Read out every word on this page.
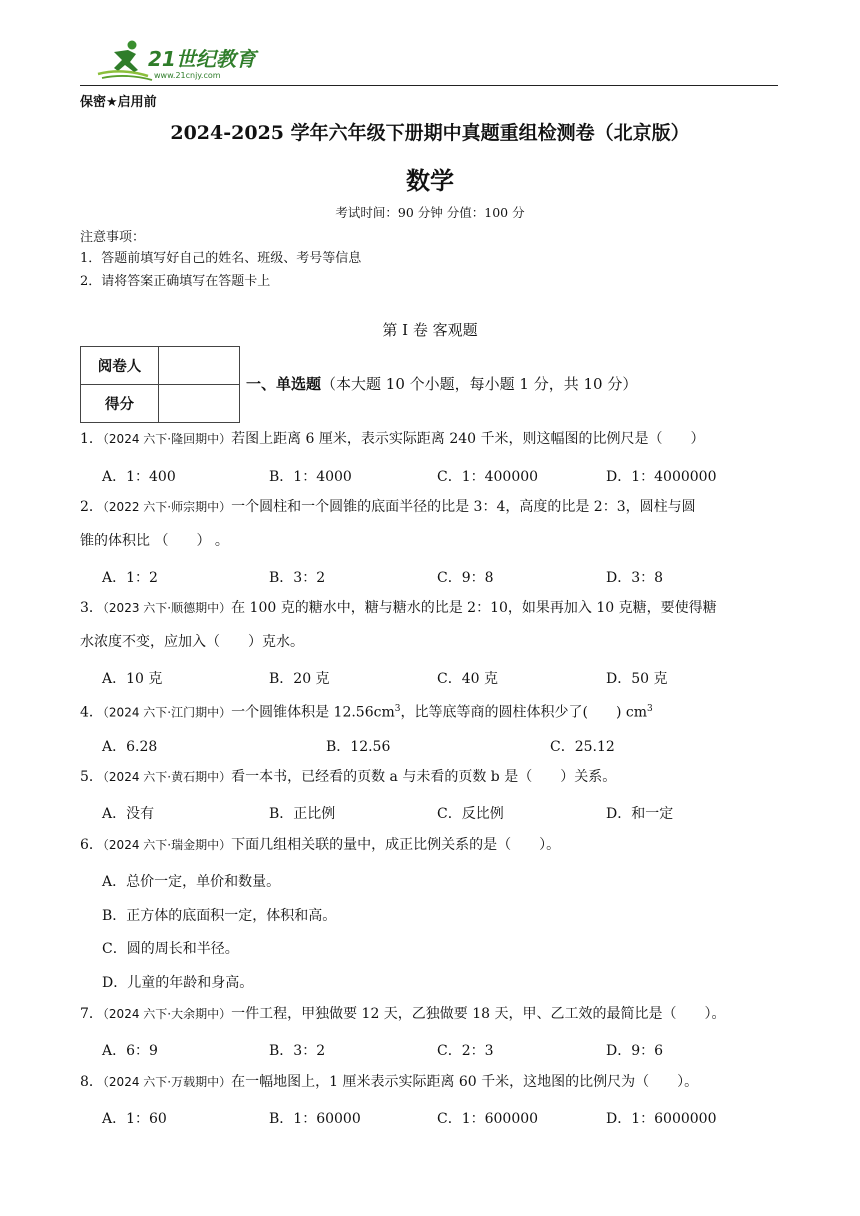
21世纪教育
www.21cnjy.com
保密★启用前
2024-2025 学年六年级下册期中真题重组检测卷（北京版）
数学
考试时间：90 分钟 分值：100 分
注意事项：
1．答题前填写好自己的姓名、班级、考号等信息
2．请将答案正确填写在答题卡上
第 I 卷 客观题
阅卷人	
得分	
一、单选题（本大题 10 个小题，每小题 1 分，共 10 分）
1．（2024 六下·隆回期中）若图上距离 6 厘米，表示实际距离 240 千米，则这幅图的比例尺是（　　）
A．1：400	B．1：4000	C．1：400000	D．1：4000000
2．（2022 六下·师宗期中）一个圆柱和一个圆锥的底面半径的比是 3：4，高度的比是 2：3，圆柱与圆
锥的体积比 （　　） 。
A．1：2	B．3：2	C．9：8	D．3：8
3．（2023 六下·顺德期中）在 100 克的糖水中，糖与糖水的比是 2：10，如果再加入 10 克糖，要使得糖
水浓度不变，应加入（　　）克水。
A．10 克	B．20 克	C．40 克	D．50 克
4．（2024 六下·江门期中）一个圆锥体积是 $12.56cm^3$，比等底等商的圆柱体积少了(　　) $cm^3$
A．6.28	B．12.56	C．25.12
5．（2024 六下·黄石期中）看一本书，已经看的页数 a 与未看的页数 b 是（　　）关系。
A．没有	B．正比例	C．反比例	D．和一定
6．（2024 六下·瑞金期中）下面几组相关联的量中，成正比例关系的是（　　）。
A．总价一定，单价和数量。
B．正方体的底面积一定，体积和高。
C．圆的周长和半径。
D．儿童的年龄和身高。
7．（2024 六下·大余期中）一件工程，甲独做要 12 天，乙独做要 18 天，甲、乙工效的最简比是（　　）。
A．6：9	B．3：2	C．2：3	D．9：6
8．（2024 六下·万载期中）在一幅地图上，1 厘米表示实际距离 60 千米，这地图的比例尺为（　　）。
A．1：60	B．1：60000	C．1：600000	D．1：6000000
